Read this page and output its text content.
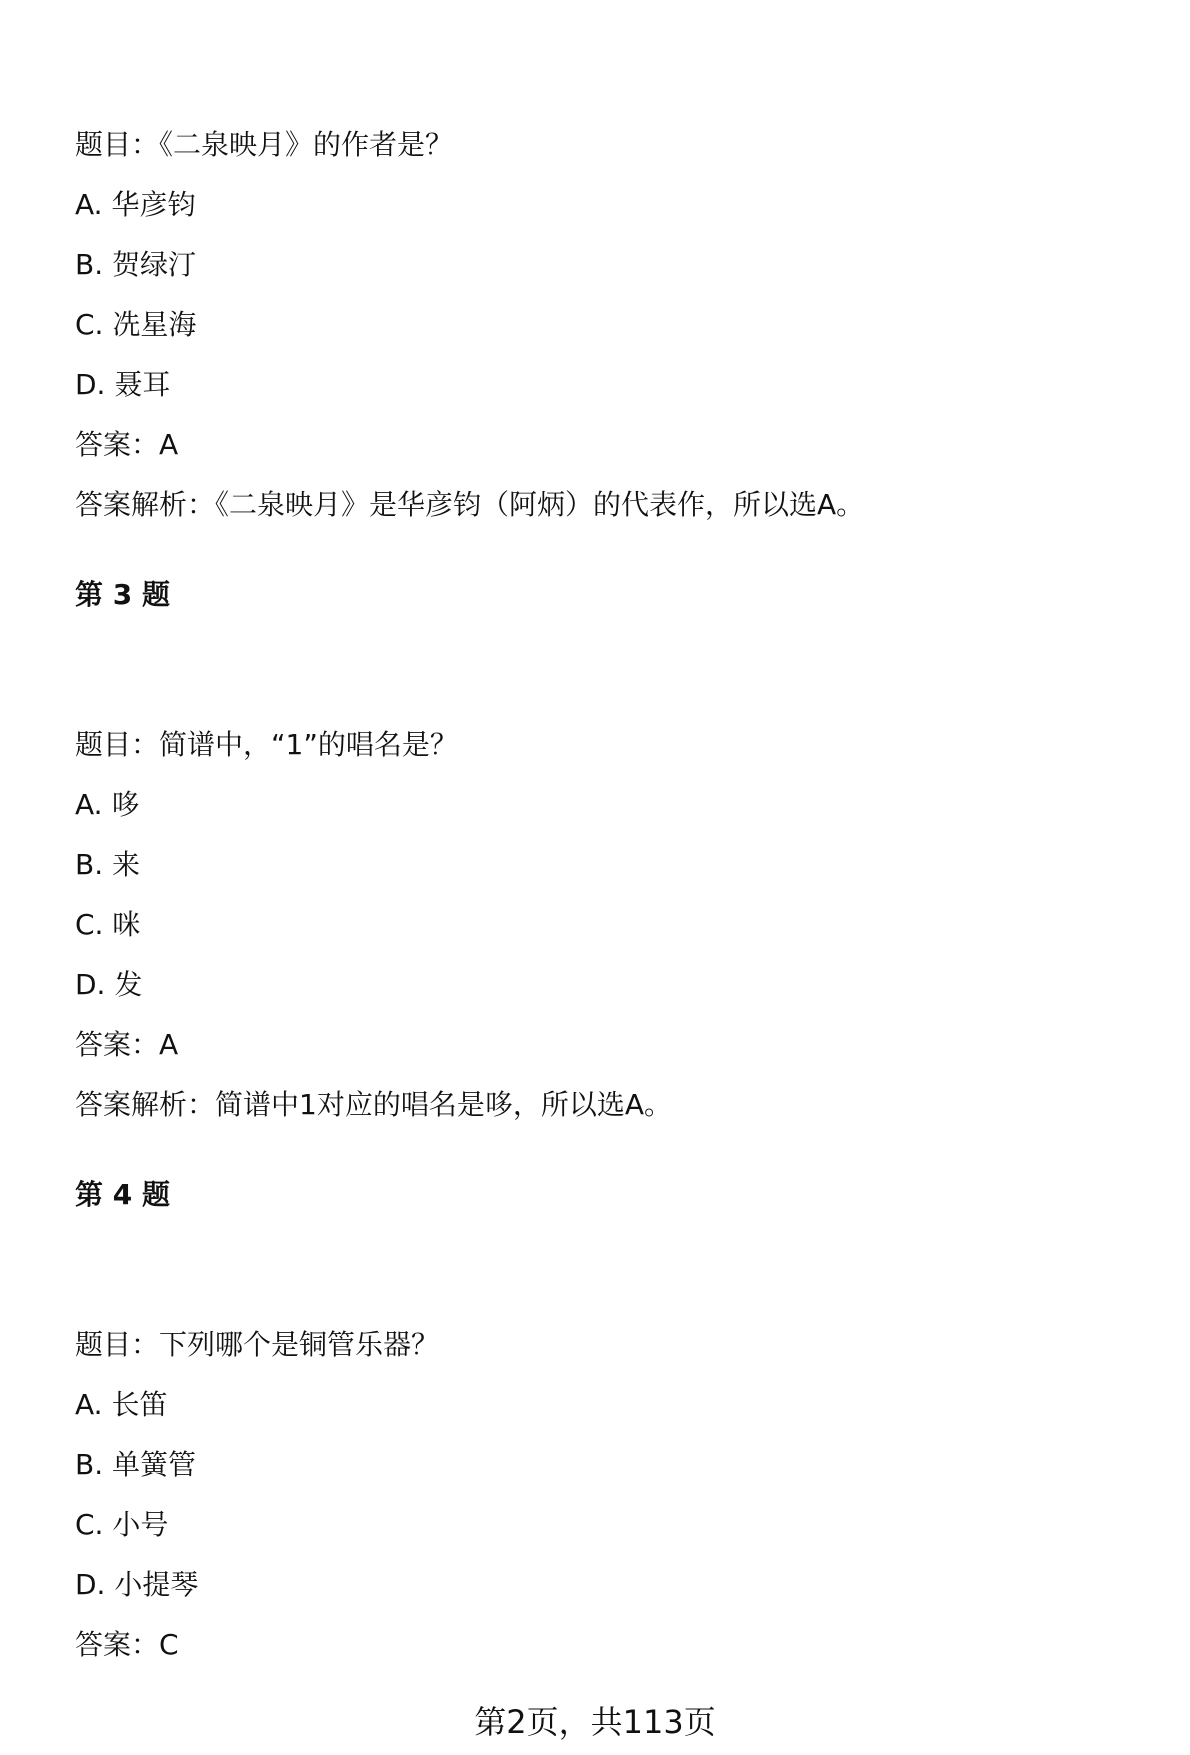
题目：《二泉映月》的作者是？
A. 华彦钧
B. 贺绿汀
C. 冼星海
D. 聂耳
答案：A
答案解析：《二泉映月》是华彦钧（阿炳）的代表作，所以选A。
第 3 题
题目：简谱中，“1”的唱名是？
A. 哆
B. 来
C. 咪
D. 发
答案：A
答案解析：简谱中1对应的唱名是哆，所以选A。
第 4 题
题目：下列哪个是铜管乐器？
A. 长笛
B. 单簧管
C. 小号
D. 小提琴
答案：C
第2页，共113页
